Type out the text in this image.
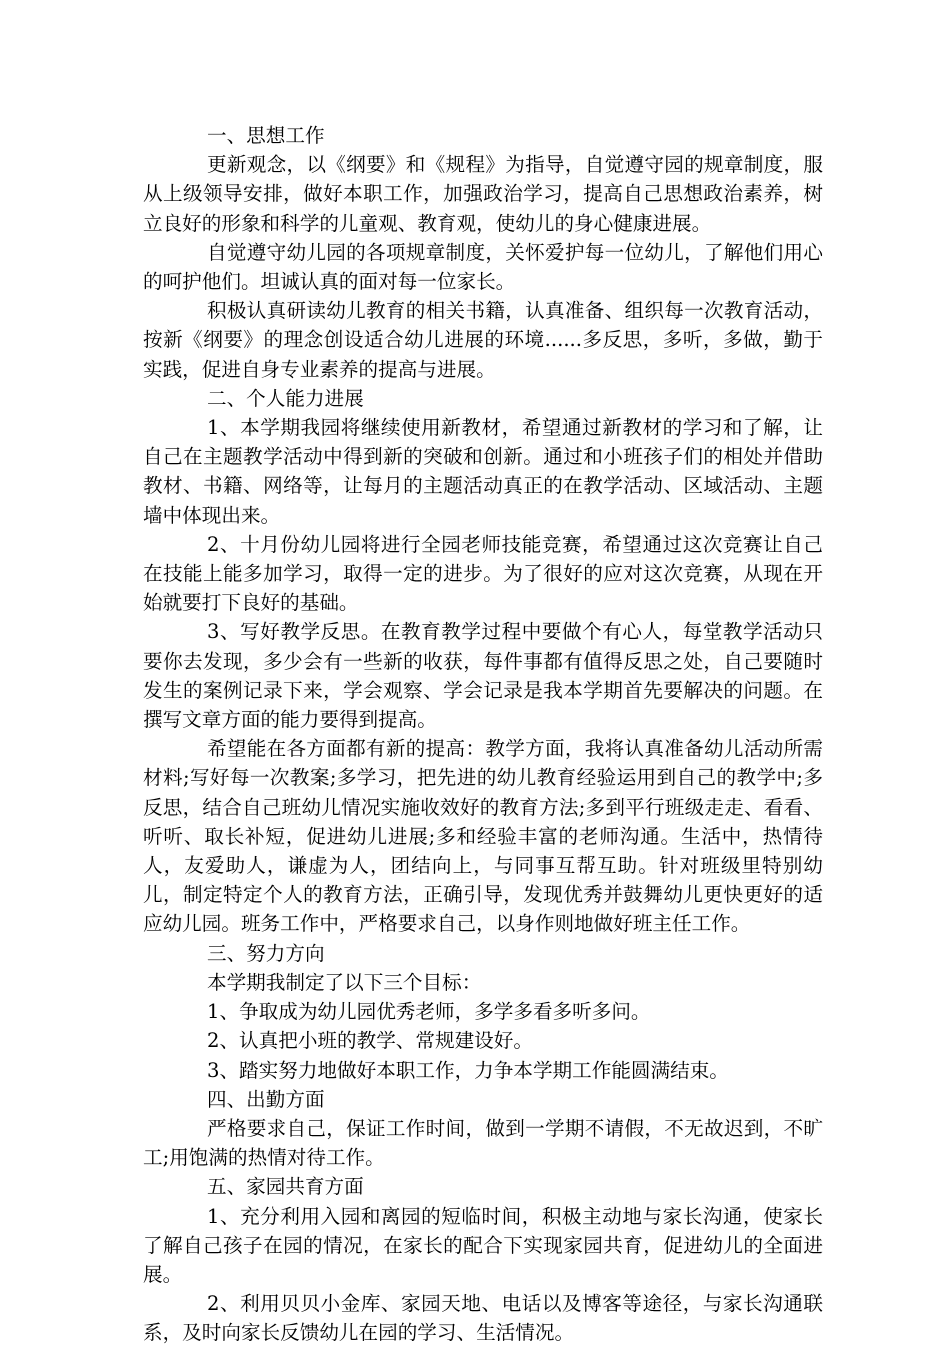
一、思想工作

更新观念，以《纲要》和《规程》为指导，自觉遵守园的规章制度，服从上级领导安排，做好本职工作，加强政治学习，提高自己思想政治素养，树立良好的形象和科学的儿童观、教育观，使幼儿的身心健康进展。

自觉遵守幼儿园的各项规章制度，关怀爱护每一位幼儿，了解他们用心的呵护他们。坦诚认真的面对每一位家长。

积极认真研读幼儿教育的相关书籍，认真准备、组织每一次教育活动，按新《纲要》的理念创设适合幼儿进展的环境......多反思，多听，多做，勤于实践，促进自身专业素养的提高与进展。

二、个人能力进展

1、本学期我园将继续使用新教材，希望通过新教材的学习和了解，让自己在主题教学活动中得到新的突破和创新。通过和小班孩子们的相处并借助教材、书籍、网络等，让每月的主题活动真正的在教学活动、区域活动、主题墙中体现出来。

2、十月份幼儿园将进行全园老师技能竞赛，希望通过这次竞赛让自己在技能上能多加学习，取得一定的进步。为了很好的应对这次竞赛，从现在开始就要打下良好的基础。

3、写好教学反思。在教育教学过程中要做个有心人，每堂教学活动只要你去发现，多少会有一些新的收获，每件事都有值得反思之处，自己要随时发生的案例记录下来，学会观察、学会记录是我本学期首先要解决的问题。在撰写文章方面的能力要得到提高。

希望能在各方面都有新的提高：教学方面，我将认真准备幼儿活动所需材料;写好每一次教案;多学习，把先进的幼儿教育经验运用到自己的教学中;多反思，结合自己班幼儿情况实施收效好的教育方法;多到平行班级走走、看看、听听、取长补短，促进幼儿进展;多和经验丰富的老师沟通。生活中，热情待人，友爱助人，谦虚为人，团结向上，与同事互帮互助。针对班级里特别幼儿，制定特定个人的教育方法，正确引导，发现优秀并鼓舞幼儿更快更好的适应幼儿园。班务工作中，严格要求自己，以身作则地做好班主任工作。

三、努力方向

本学期我制定了以下三个目标：

1、争取成为幼儿园优秀老师，多学多看多听多问。

2、认真把小班的教学、常规建设好。

3、踏实努力地做好本职工作，力争本学期工作能圆满结束。

四、出勤方面

严格要求自己，保证工作时间，做到一学期不请假，不无故迟到，不旷工;用饱满的热情对待工作。

五、家园共育方面

1、充分利用入园和离园的短临时间，积极主动地与家长沟通，使家长了解自己孩子在园的情况，在家长的配合下实现家园共育，促进幼儿的全面进展。

2、利用贝贝小金库、家园天地、电话以及博客等途径，与家长沟通联系，及时向家长反馈幼儿在园的学习、生活情况。
